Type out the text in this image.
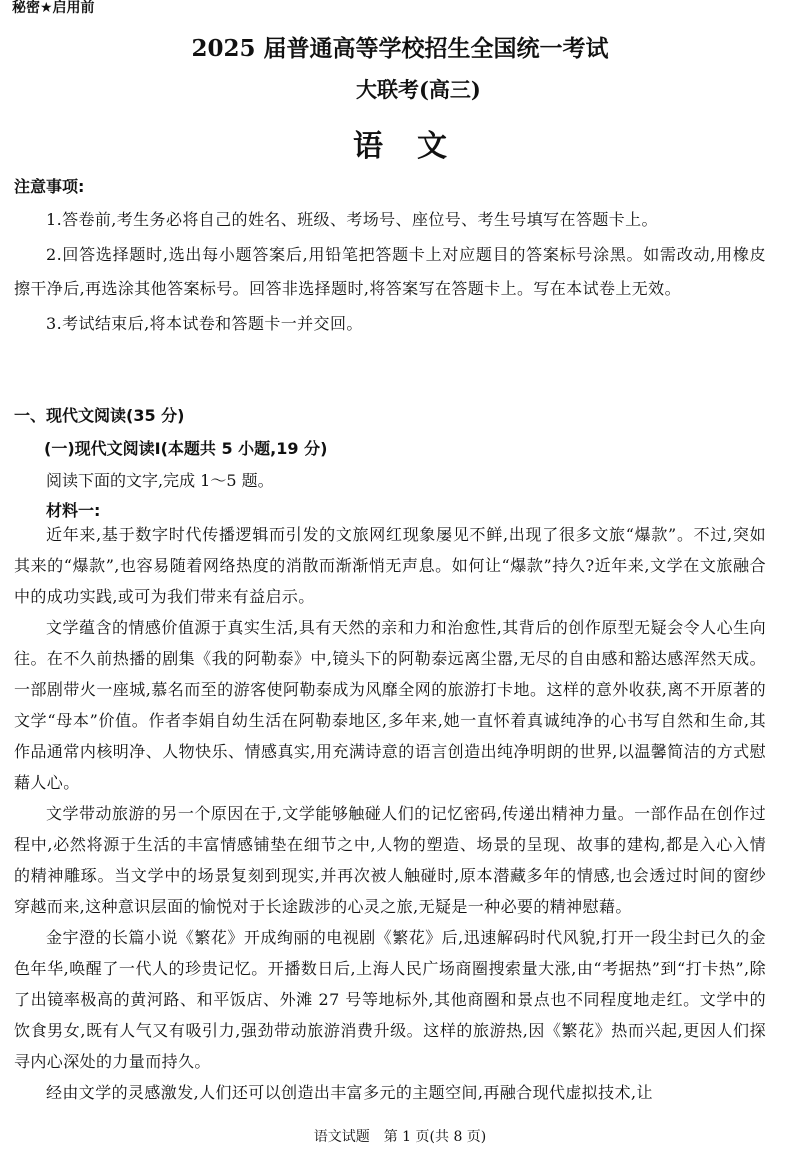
秘密★启用前
2025 届普通高等学校招生全国统一考试
大联考(高三)
语文
注意事项:

1.答卷前,考生务必将自己的姓名、班级、考场号、座位号、考生号填写在答题卡上。

2.回答选择题时,选出每小题答案后,用铅笔把答题卡上对应题目的答案标号涂黑。如需改动,用橡皮擦干净后,再选涂其他答案标号。回答非选择题时,将答案写在答题卡上。写在本试卷上无效。

3.考试结束后,将本试卷和答题卡一并交回。

一、现代文阅读(35 分)
(一)现代文阅读Ⅰ(本题共 5 小题,19 分)
阅读下面的文字,完成 1～5 题。
材料一:

近年来,基于数字时代传播逻辑而引发的文旅网红现象屡见不鲜,出现了很多文旅“爆款”。不过,突如其来的“爆款”,也容易随着网络热度的消散而渐渐悄无声息。如何让“爆款”持久?近年来,文学在文旅融合中的成功实践,或可为我们带来有益启示。

文学蕴含的情感价值源于真实生活,具有天然的亲和力和治愈性,其背后的创作原型无疑会令人心生向往。在不久前热播的剧集《我的阿勒泰》中,镜头下的阿勒泰远离尘嚣,无尽的自由感和豁达感浑然天成。一部剧带火一座城,慕名而至的游客使阿勒泰成为风靡全网的旅游打卡地。这样的意外收获,离不开原著的文学“母本”价值。作者李娟自幼生活在阿勒泰地区,多年来,她一直怀着真诚纯净的心书写自然和生命,其作品通常内核明净、人物快乐、情感真实,用充满诗意的语言创造出纯净明朗的世界,以温馨简洁的方式慰藉人心。

文学带动旅游的另一个原因在于,文学能够触碰人们的记忆密码,传递出精神力量。一部作品在创作过程中,必然将源于生活的丰富情感铺垫在细节之中,人物的塑造、场景的呈现、故事的建构,都是入心入情的精神雕琢。当文学中的场景复刻到现实,并再次被人触碰时,原本潜藏多年的情感,也会透过时间的窗纱穿越而来,这种意识层面的愉悦对于长途跋涉的心灵之旅,无疑是一种必要的精神慰藉。

金宇澄的长篇小说《繁花》开成绚丽的电视剧《繁花》后,迅速解码时代风貌,打开一段尘封已久的金色年华,唤醒了一代人的珍贵记忆。开播数日后,上海人民广场商圈搜索量大涨,由“考据热”到“打卡热”,除了出镜率极高的黄河路、和平饭店、外滩 27 号等地标外,其他商圈和景点也不同程度地走红。文学中的饮食男女,既有人气又有吸引力,强劲带动旅游消费升级。这样的旅游热,因《繁花》热而兴起,更因人们探寻内心深处的力量而持久。

经由文学的灵感激发,人们还可以创造出丰富多元的主题空间,再融合现代虚拟技术,让

语文试题　第 1 页(共 8 页)
